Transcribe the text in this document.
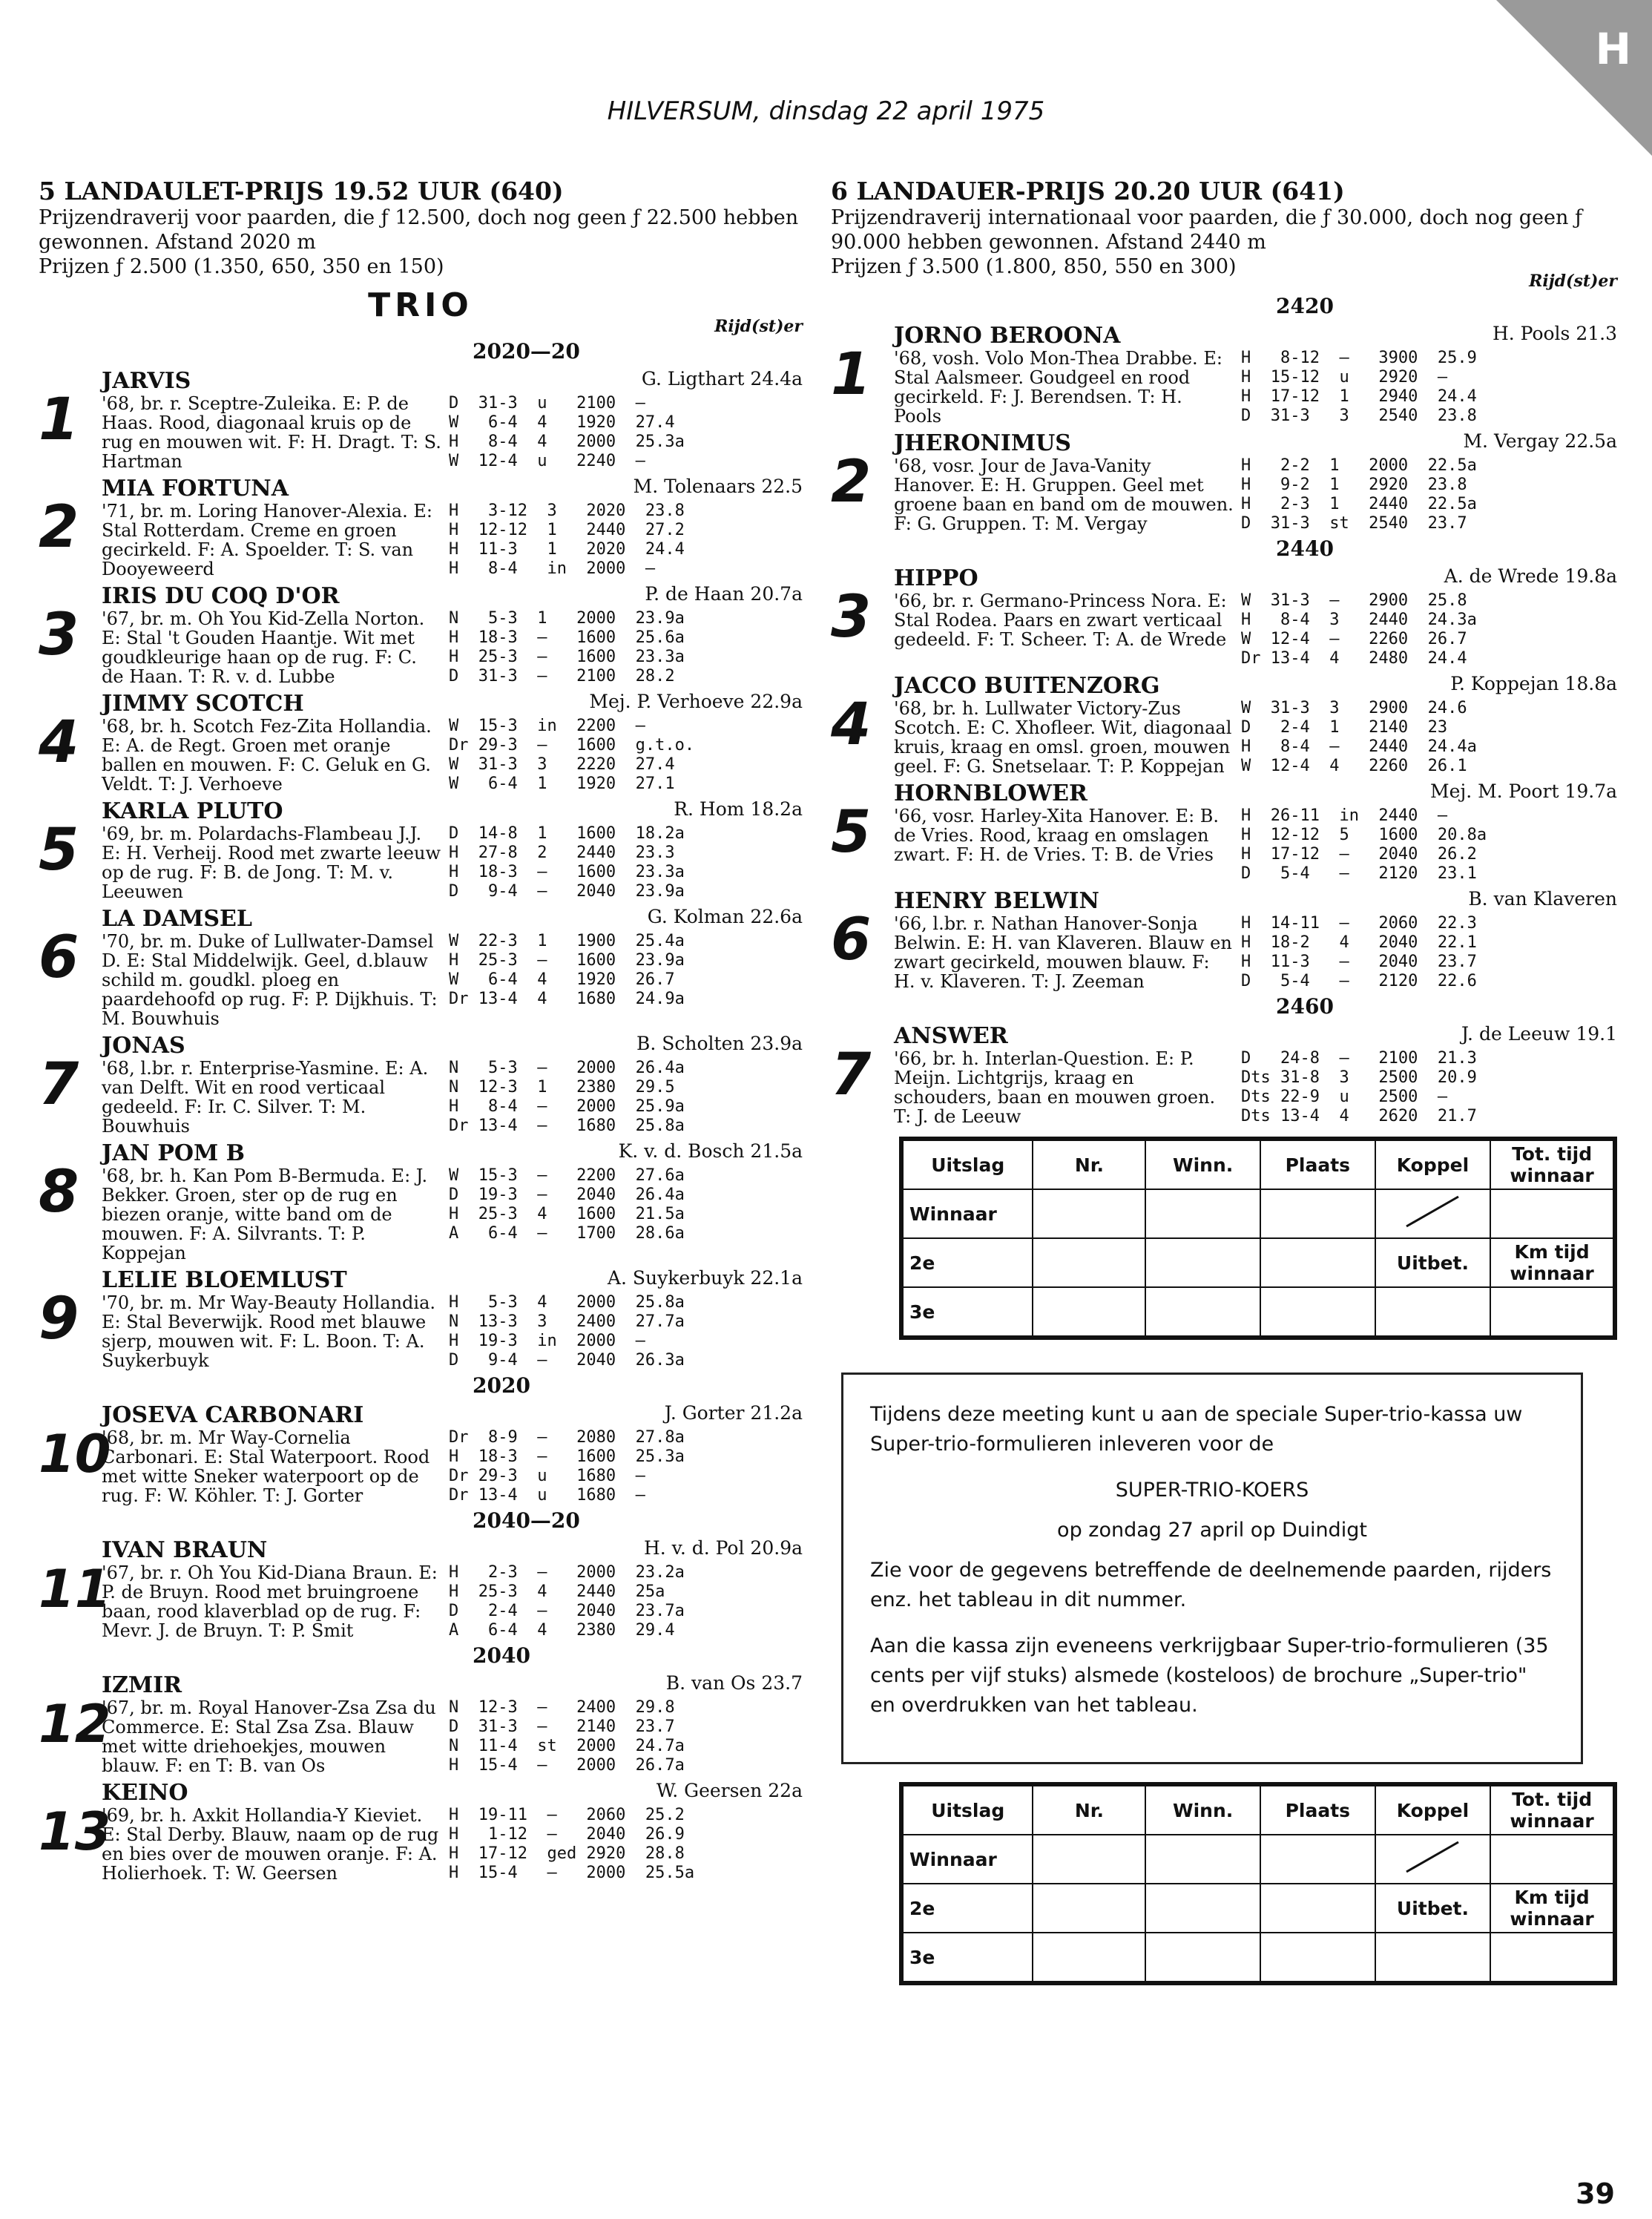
H
HILVERSUM, dinsdag 22 april 1975
5 LANDAULET-PRIJS 19.52 UUR (640)
Prijzendraverij voor paarden, die ƒ 12.500, doch nog geen ƒ 22.500 hebben gewonnen. Afstand 2020 m
Prijzen ƒ 2.500 (1.350, 650, 350 en 150)
TRIO
Rijd(st)er
2020—20
1
JARVIS	G. Ligthart 24.4a
'68, br. r. Sceptre-Zuleika. E: P. de Haas. Rood, diagonaal kruis op de rug en mouwen wit. F: H. Dragt. T: S. Hartman
D  31-3  u   2100  —
W   6-4  4   1920  27.4
H   8-4  4   2000  25.3a
W  12-4  u   2240  —
2
MIA FORTUNA	M. Tolenaars 22.5
'71, br. m. Loring Hanover-Alexia. E: Stal Rotterdam. Creme en groen gecirkeld. F: A. Spoelder. T: S. van Dooyeweerd
H   3-12  3   2020  23.8
H  12-12  1   2440  27.2
H  11-3   1   2020  24.4
H   8-4   in  2000  —
3
IRIS DU COQ D'OR	P. de Haan 20.7a
'67, br. m. Oh You Kid-Zella Norton. E: Stal 't Gouden Haantje. Wit met goudkleurige haan op de rug. F: C. de Haan. T: R. v. d. Lubbe
N   5-3  1   2000  23.9a
H  18-3  —   1600  25.6a
H  25-3  —   1600  23.3a
D  31-3  —   2100  28.2
4
JIMMY SCOTCH	Mej. P. Verhoeve 22.9a
'68, br. h. Scotch Fez-Zita Hollandia. E: A. de Regt. Groen met oranje ballen en mouwen. F: C. Geluk en G. Veldt. T: J. Verhoeve
W  15-3  in  2200  —
Dr 29-3  —   1600  g.t.o.
W  31-3  3   2220  27.4
W   6-4  1   1920  27.1
5
KARLA PLUTO	R. Hom 18.2a
'69, br. m. Polardachs-Flambeau J.J. E: H. Verheij. Rood met zwarte leeuw op de rug. F: B. de Jong. T: M. v. Leeuwen
D  14-8  1   1600  18.2a
H  27-8  2   2440  23.3
H  18-3  —   1600  23.3a
D   9-4  —   2040  23.9a
6
LA DAMSEL	G. Kolman 22.6a
'70, br. m. Duke of Lullwater-Damsel D. E: Stal Middelwijk. Geel, d.blauw schild m. goudkl. ploeg en paardehoofd op rug. F: P. Dijkhuis. T: M. Bouwhuis
W  22-3  1   1900  25.4a
H  25-3  —   1600  23.9a
W   6-4  4   1920  26.7
Dr 13-4  4   1680  24.9a
7
JONAS	B. Scholten 23.9a
'68, l.br. r. Enterprise-Yasmine. E: A. van Delft. Wit en rood verticaal gedeeld. F: Ir. C. Silver. T: M. Bouwhuis
N   5-3  —   2000  26.4a
N  12-3  1   2380  29.5
H   8-4  —   2000  25.9a
Dr 13-4  —   1680  25.8a
8
JAN POM B	K. v. d. Bosch 21.5a
'68, br. h. Kan Pom B-Bermuda. E: J. Bekker. Groen, ster op de rug en biezen oranje, witte band om de mouwen. F: A. Silvrants. T: P. Koppejan
W  15-3  —   2200  27.6a
D  19-3  —   2040  26.4a
H  25-3  4   1600  21.5a
A   6-4  —   1700  28.6a
9
LELIE BLOEMLUST	A. Suykerbuyk 22.1a
'70, br. m. Mr Way-Beauty Hollandia. E: Stal Beverwijk. Rood met blauwe sjerp, mouwen wit. F: L. Boon. T: A. Suykerbuyk
H   5-3  4   2000  25.8a
N  13-3  3   2400  27.7a
H  19-3  in  2000  —
D   9-4  —   2040  26.3a
2020
10
JOSEVA CARBONARI	J. Gorter 21.2a
'68, br. m. Mr Way-Cornelia Carbonari. E: Stal Waterpoort. Rood met witte Sneker waterpoort op de rug. F: W. Köhler. T: J. Gorter
Dr  8-9  —   2080  27.8a
H  18-3  —   1600  25.3a
Dr 29-3  u   1680  —
Dr 13-4  u   1680  —
2040—20
11
IVAN BRAUN	H. v. d. Pol 20.9a
'67, br. r. Oh You Kid-Diana Braun. E: P. de Bruyn. Rood met bruingroene baan, rood klaverblad op de rug. F: Mevr. J. de Bruyn. T: P. Smit
H   2-3  —   2000  23.2a
H  25-3  4   2440  25a
D   2-4  —   2040  23.7a
A   6-4  4   2380  29.4
2040
12
IZMIR	B. van Os 23.7
'67, br. m. Royal Hanover-Zsa Zsa du Commerce. E: Stal Zsa Zsa. Blauw met witte driehoekjes, mouwen blauw. F: en T: B. van Os
N  12-3  —   2400  29.8
D  31-3  —   2140  23.7
N  11-4  st  2000  24.7a
H  15-4  —   2000  26.7a
13
KEINO	W. Geersen 22a
'69, br. h. Axkit Hollandia-Y Kieviet. E: Stal Derby. Blauw, naam op de rug en bies over de mouwen oranje. F: A. Holierhoek. T: W. Geersen
H  19-11  —   2060  25.2
H   1-12  —   2040  26.9
H  17-12  ged 2920  28.8
H  15-4   —   2000  25.5a
6 LANDAUER-PRIJS 20.20 UUR (641)
Prijzendraverij internationaal voor paarden, die ƒ 30.000, doch nog geen ƒ 90.000 hebben gewonnen. Afstand 2440 m
Prijzen ƒ 3.500 (1.800, 850, 550 en 300)
Rijd(st)er
2420
1
JORNO BEROONA	H. Pools 21.3
'68, vosh. Volo Mon-Thea Drabbe. E: Stal Aalsmeer. Goudgeel en rood gecirkeld. F: J. Berendsen. T: H. Pools
H   8-12  —   3900  25.9
H  15-12  u   2920  —
H  17-12  1   2940  24.4
D  31-3   3   2540  23.8
2
JHERONIMUS	M. Vergay 22.5a
'68, vosr. Jour de Java-Vanity Hanover. E: H. Gruppen. Geel met groene baan en band om de mouwen. F: G. Gruppen. T: M. Vergay
H   2-2  1   2000  22.5a
H   9-2  1   2920  23.8
H   2-3  1   2440  22.5a
D  31-3  st  2540  23.7
2440
3
HIPPO	A. de Wrede 19.8a
'66, br. r. Germano-Princess Nora. E: Stal Rodea. Paars en zwart verticaal gedeeld. F: T. Scheer. T: A. de Wrede
W  31-3  —   2900  25.8
H   8-4  3   2440  24.3a
W  12-4  —   2260  26.7
Dr 13-4  4   2480  24.4
4
JACCO BUITENZORG	P. Koppejan 18.8a
'68, br. h. Lullwater Victory-Zus Scotch. E: C. Xhofleer. Wit, diagonaal kruis, kraag en omsl. groen, mouwen geel. F: G. Snetselaar. T: P. Koppejan
W  31-3  3   2900  24.6
D   2-4  1   2140  23
H   8-4  —   2440  24.4a
W  12-4  4   2260  26.1
5
HORNBLOWER	Mej. M. Poort 19.7a
'66, vosr. Harley-Xita Hanover. E: B. de Vries. Rood, kraag en omslagen zwart. F: H. de Vries. T: B. de Vries
H  26-11  in  2440  —
H  12-12  5   1600  20.8a
H  17-12  —   2040  26.2
D   5-4   —   2120  23.1
6
HENRY BELWIN	B. van Klaveren
'66, l.br. r. Nathan Hanover-Sonja Belwin. E: H. van Klaveren. Blauw en zwart gecirkeld, mouwen blauw. F: H. v. Klaveren. T: J. Zeeman
H  14-11  —   2060  22.3
H  18-2   4   2040  22.1
H  11-3   —   2040  23.7
D   5-4   —   2120  22.6
2460
7
ANSWER	J. de Leeuw 19.1
'66, br. h. Interlan-Question. E: P. Meijn. Lichtgrijs, kraag en schouders, baan en mouwen groen. T: J. de Leeuw
D   24-8  —   2100  21.3
Dts 31-8  3   2500  20.9
Dts 22-9  u   2500  —
Dts 13-4  4   2620  21.7
Uitslag	Nr.	Winn.	Plaats	Koppel	Tot. tijd winnaar
Winnaar					
2e				Uitbet.	Km tijd winnaar
3e					

Tijdens deze meeting kunt u aan de speciale Super-trio-kassa uw Super-trio-formulieren inleveren voor de

SUPER-TRIO-KOERS

op zondag 27 april op Duindigt

Zie voor de gegevens betreffende de deelnemende paarden, rijders enz. het tableau in dit nummer.

Aan die kassa zijn eveneens verkrijgbaar Super-trio-formulieren (35 cents per vijf stuks) alsmede (kosteloos) de brochure „Super-trio" en overdrukken van het tableau.

Uitslag	Nr.	Winn.	Plaats	Koppel	Tot. tijd winnaar
Winnaar					
2e				Uitbet.	Km tijd winnaar
3e					
39
